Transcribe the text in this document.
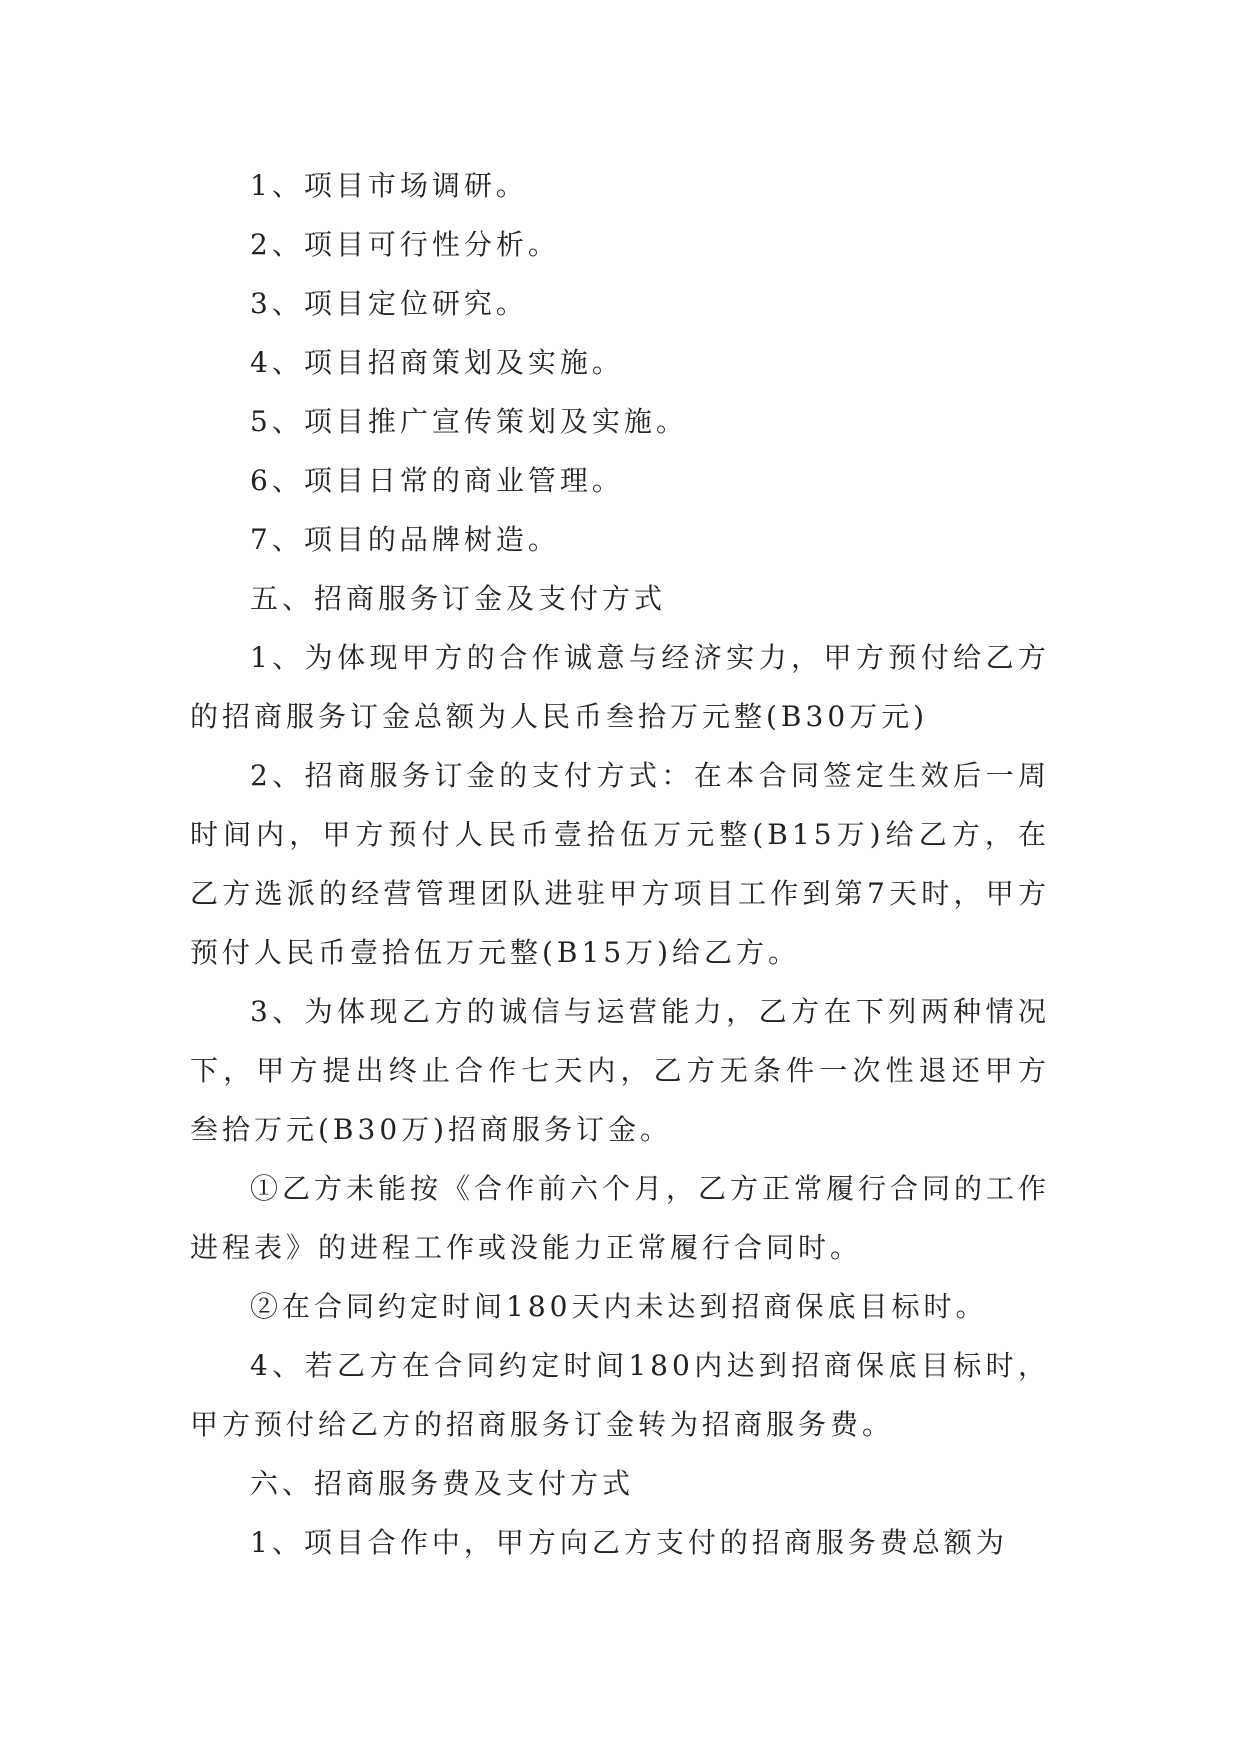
1、项目市场调研。

2、项目可行性分析。

3、项目定位研究。

4、项目招商策划及实施。

5、项目推广宣传策划及实施。

6、项目日常的商业管理。

7、项目的品牌树造。

五、招商服务订金及支付方式

1、为体现甲方的合作诚意与经济实力，甲方预付给乙方的招商服务订金总额为人民币叁拾万元整(B30万元)

2、招商服务订金的支付方式：在本合同签定生效后一周时间内，甲方预付人民币壹拾伍万元整(B15万)给乙方，在乙方选派的经营管理团队进驻甲方项目工作到第7天时，甲方预付人民币壹拾伍万元整(B15万)给乙方。

3、为体现乙方的诚信与运营能力，乙方在下列两种情况下，甲方提出终止合作七天内，乙方无条件一次性退还甲方叁拾万元(B30万)招商服务订金。

①乙方未能按《合作前六个月，乙方正常履行合同的工作进程表》的进程工作或没能力正常履行合同时。

②在合同约定时间180天内未达到招商保底目标时。

4、若乙方在合同约定时间180内达到招商保底目标时，甲方预付给乙方的招商服务订金转为招商服务费。

六、招商服务费及支付方式

1、项目合作中，甲方向乙方支付的招商服务费总额为
